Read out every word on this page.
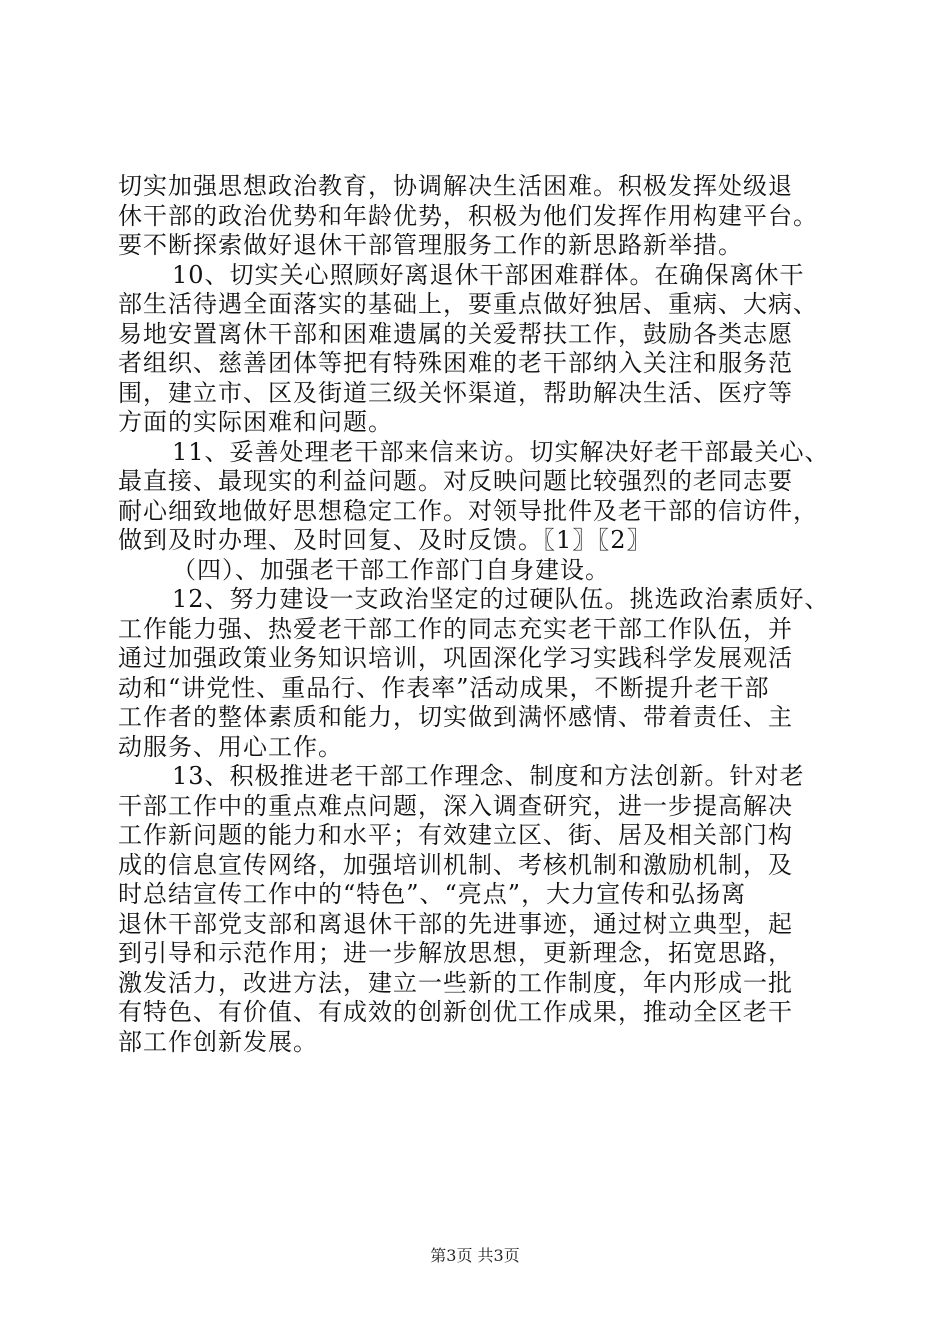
切实加强思想政治教育，协调解决生活困难。积极发挥处级退
休干部的政治优势和年龄优势，积极为他们发挥作用构建平台。
要不断探索做好退休干部管理服务工作的新思路新举措。
10、切实关心照顾好离退休干部困难群体。在确保离休干
部生活待遇全面落实的基础上，要重点做好独居、重病、大病、
易地安置离休干部和困难遗属的关爱帮扶工作，鼓励各类志愿
者组织、慈善团体等把有特殊困难的老干部纳入关注和服务范
围，建立市、区及街道三级关怀渠道，帮助解决生活、医疗等
方面的实际困难和问题。
11、妥善处理老干部来信来访。切实解决好老干部最关心、
最直接、最现实的利益问题。对反映问题比较强烈的老同志要
耐心细致地做好思想稳定工作。对领导批件及老干部的信访件，
做到及时办理、及时回复、及时反馈。〖1〗〖2〗
（四）、加强老干部工作部门自身建设。
12、努力建设一支政治坚定的过硬队伍。挑选政治素质好、
工作能力强、热爱老干部工作的同志充实老干部工作队伍，并
通过加强政策业务知识培训，巩固深化学习实践科学发展观活
动和“讲党性、重品行、作表率”活动成果，不断提升老干部
工作者的整体素质和能力，切实做到满怀感情、带着责任、主
动服务、用心工作。
13、积极推进老干部工作理念、制度和方法创新。针对老
干部工作中的重点难点问题，深入调查研究，进一步提高解决
工作新问题的能力和水平；有效建立区、街、居及相关部门构
成的信息宣传网络，加强培训机制、考核机制和激励机制，及
时总结宣传工作中的“特色”、“亮点”，大力宣传和弘扬离
退休干部党支部和离退休干部的先进事迹，通过树立典型，起
到引导和示范作用；进一步解放思想，更新理念，拓宽思路，
激发活力，改进方法，建立一些新的工作制度，年内形成一批
有特色、有价值、有成效的创新创优工作成果，推动全区老干
部工作创新发展。
第3页 共3页
